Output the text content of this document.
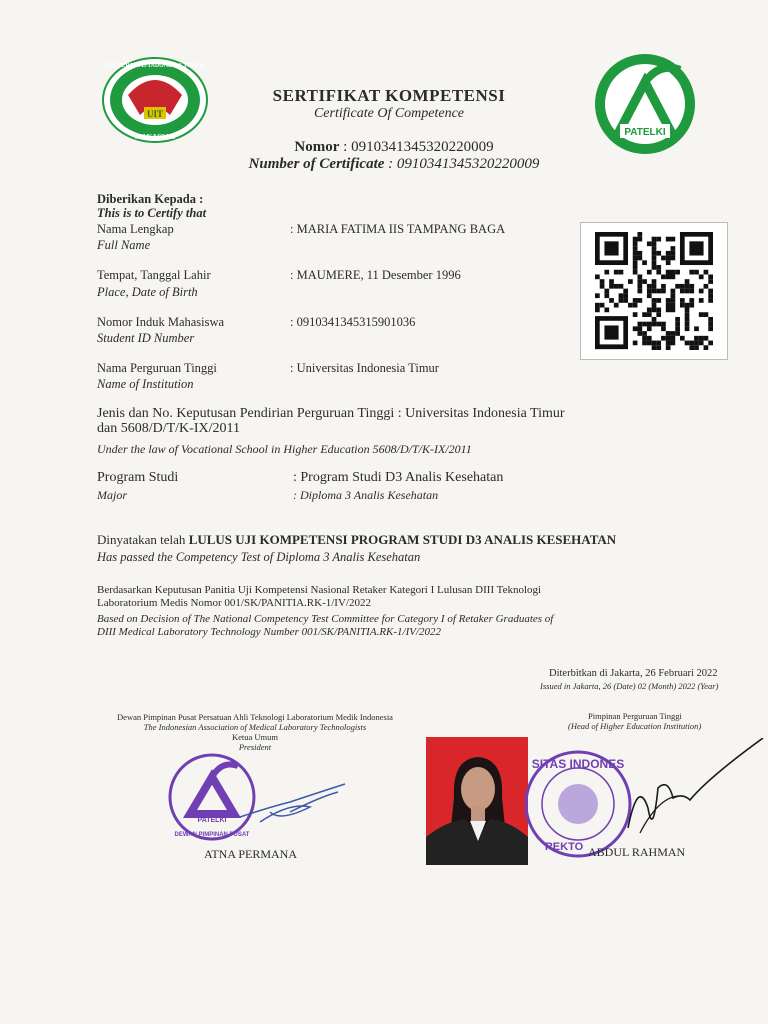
UIT
MAKASSAR
UNIVERSITAS INDONESIA TIMUR
PATELKI
SERTIFIKAT KOMPETENSI
Certificate Of Competence
Nomor : 0910341345320220009
Number of Certificate : 0910341345320220009
Diberikan Kepada :
This is to Certify that
Nama Lengkap
Full Name
: MARIA FATIMA IIS TAMPANG BAGA
Tempat, Tanggal Lahir
Place, Date of Birth
: MAUMERE, 11 Desember 1996
Nomor Induk Mahasiswa
Student ID Number
: 0910341345315901036
Nama Perguruan Tinggi
Name of Institution
: Universitas Indonesia Timur
Jenis dan No. Keputusan Pendirian Perguruan Tinggi : Universitas Indonesia Timur
dan 5608/D/T/K-IX/2011
Under the law of Vocational School in Higher Education 5608/D/T/K-IX/2011
Program Studi
Major
: Program Studi D3 Analis Kesehatan
: Diploma 3 Analis Kesehatan
Dinyatakan telah LULUS UJI KOMPETENSI PROGRAM STUDI D3 ANALIS KESEHATAN
Has passed the Competency Test of Diploma 3 Analis Kesehatan
Berdasarkan Keputusan Panitia Uji Kompetensi Nasional Retaker Kategori I Lulusan DIII Teknologi
Laboratorium Medis Nomor 001/SK/PANITIA.RK-1/IV/2022
Based on Decision of The National Competency Test Committee for Category I of Retaker Graduates of
DIII Medical Laboratory Technology Number 001/SK/PANITIA.RK-1/IV/2022
Diterbitkan di Jakarta, 26 Februari 2022
Issued in Jakarta, 26 (Date) 02 (Month) 2022 (Year)
Dewan Pimpinan Pusat Persatuan Ahli Teknologi Laboratorium Medik Indonesia
The Indonesian Association of Medical Laboratory Technologists
Ketua Umum
President
PATELKI
DEWAN PIMPINAN PUSAT
ATNA PERMANA
Pimpinan Perguruan Tinggi
(Head of Higher Education Institution)
SITAS INDONES
REKTO ABDUL RAHMAN
